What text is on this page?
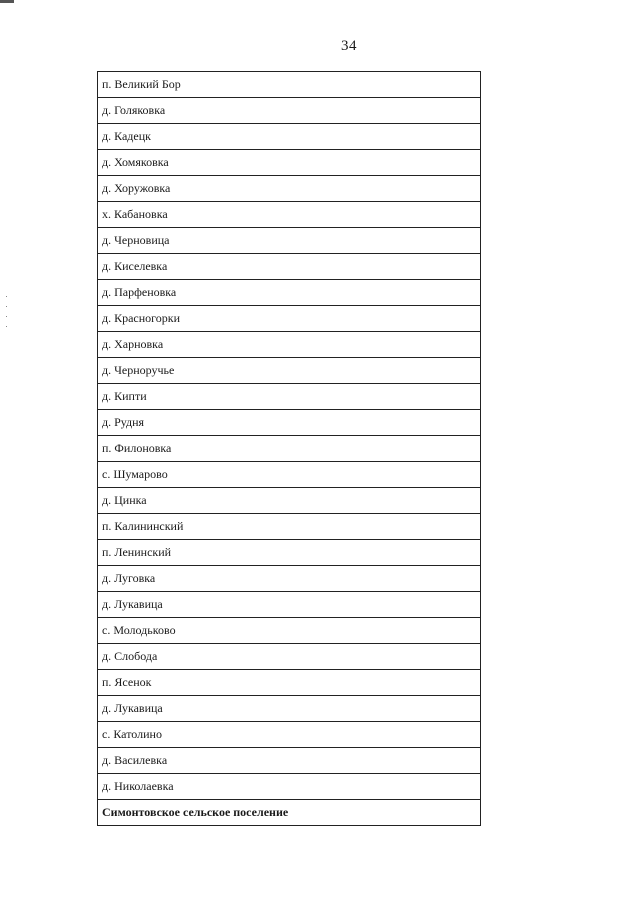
34
п. Великий Бор
д. Голяковка
д. Кадецк
д. Хомяковка
д. Хоружовка
х. Кабановка
д. Черновица
д. Киселевка
д. Парфеновка
д. Красногорки
д. Харновка
д. Черноручье
д. Кипти
д. Рудня
п. Филоновка
с. Шумарово
д. Цинка
п. Калининский
п. Ленинский
д. Луговка
д. Лукавица
с. Молодьково
д. Слобода
п. Ясенок
д. Лукавица
с. Католино
д. Василевка
д. Николаевка
Симонтовское сельское поселение
